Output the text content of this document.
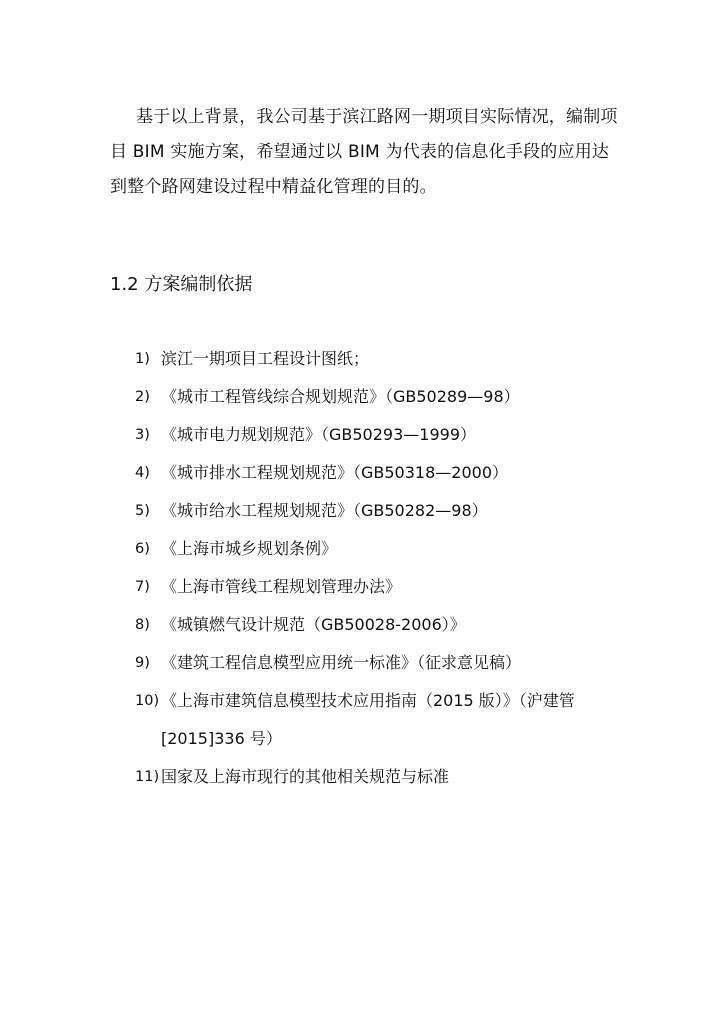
基于以上背景，我公司基于滨江路网一期项目实际情况，编制项目 BIM 实施方案，希望通过以 BIM 为代表的信息化手段的应用达到整个路网建设过程中精益化管理的目的。

1.2 方案编制依据
1) 滨江一期项目工程设计图纸；
2) 《城市工程管线综合规划规范》（GB50289—98）
3) 《城市电力规划规范》（GB50293—1999）
4) 《城市排水工程规划规范》（GB50318—2000）
5) 《城市给水工程规划规范》（GB50282—98）
6) 《上海市城乡规划条例》
7) 《上海市管线工程规划管理办法》
8) 《城镇燃气设计规范（GB50028-2006）》
9) 《建筑工程信息模型应用统一标准》（征求意见稿）
10) 《上海市建筑信息模型技术应用指南（2015 版）》（沪建管[2015]336 号）
11) 国家及上海市现行的其他相关规范与标准
